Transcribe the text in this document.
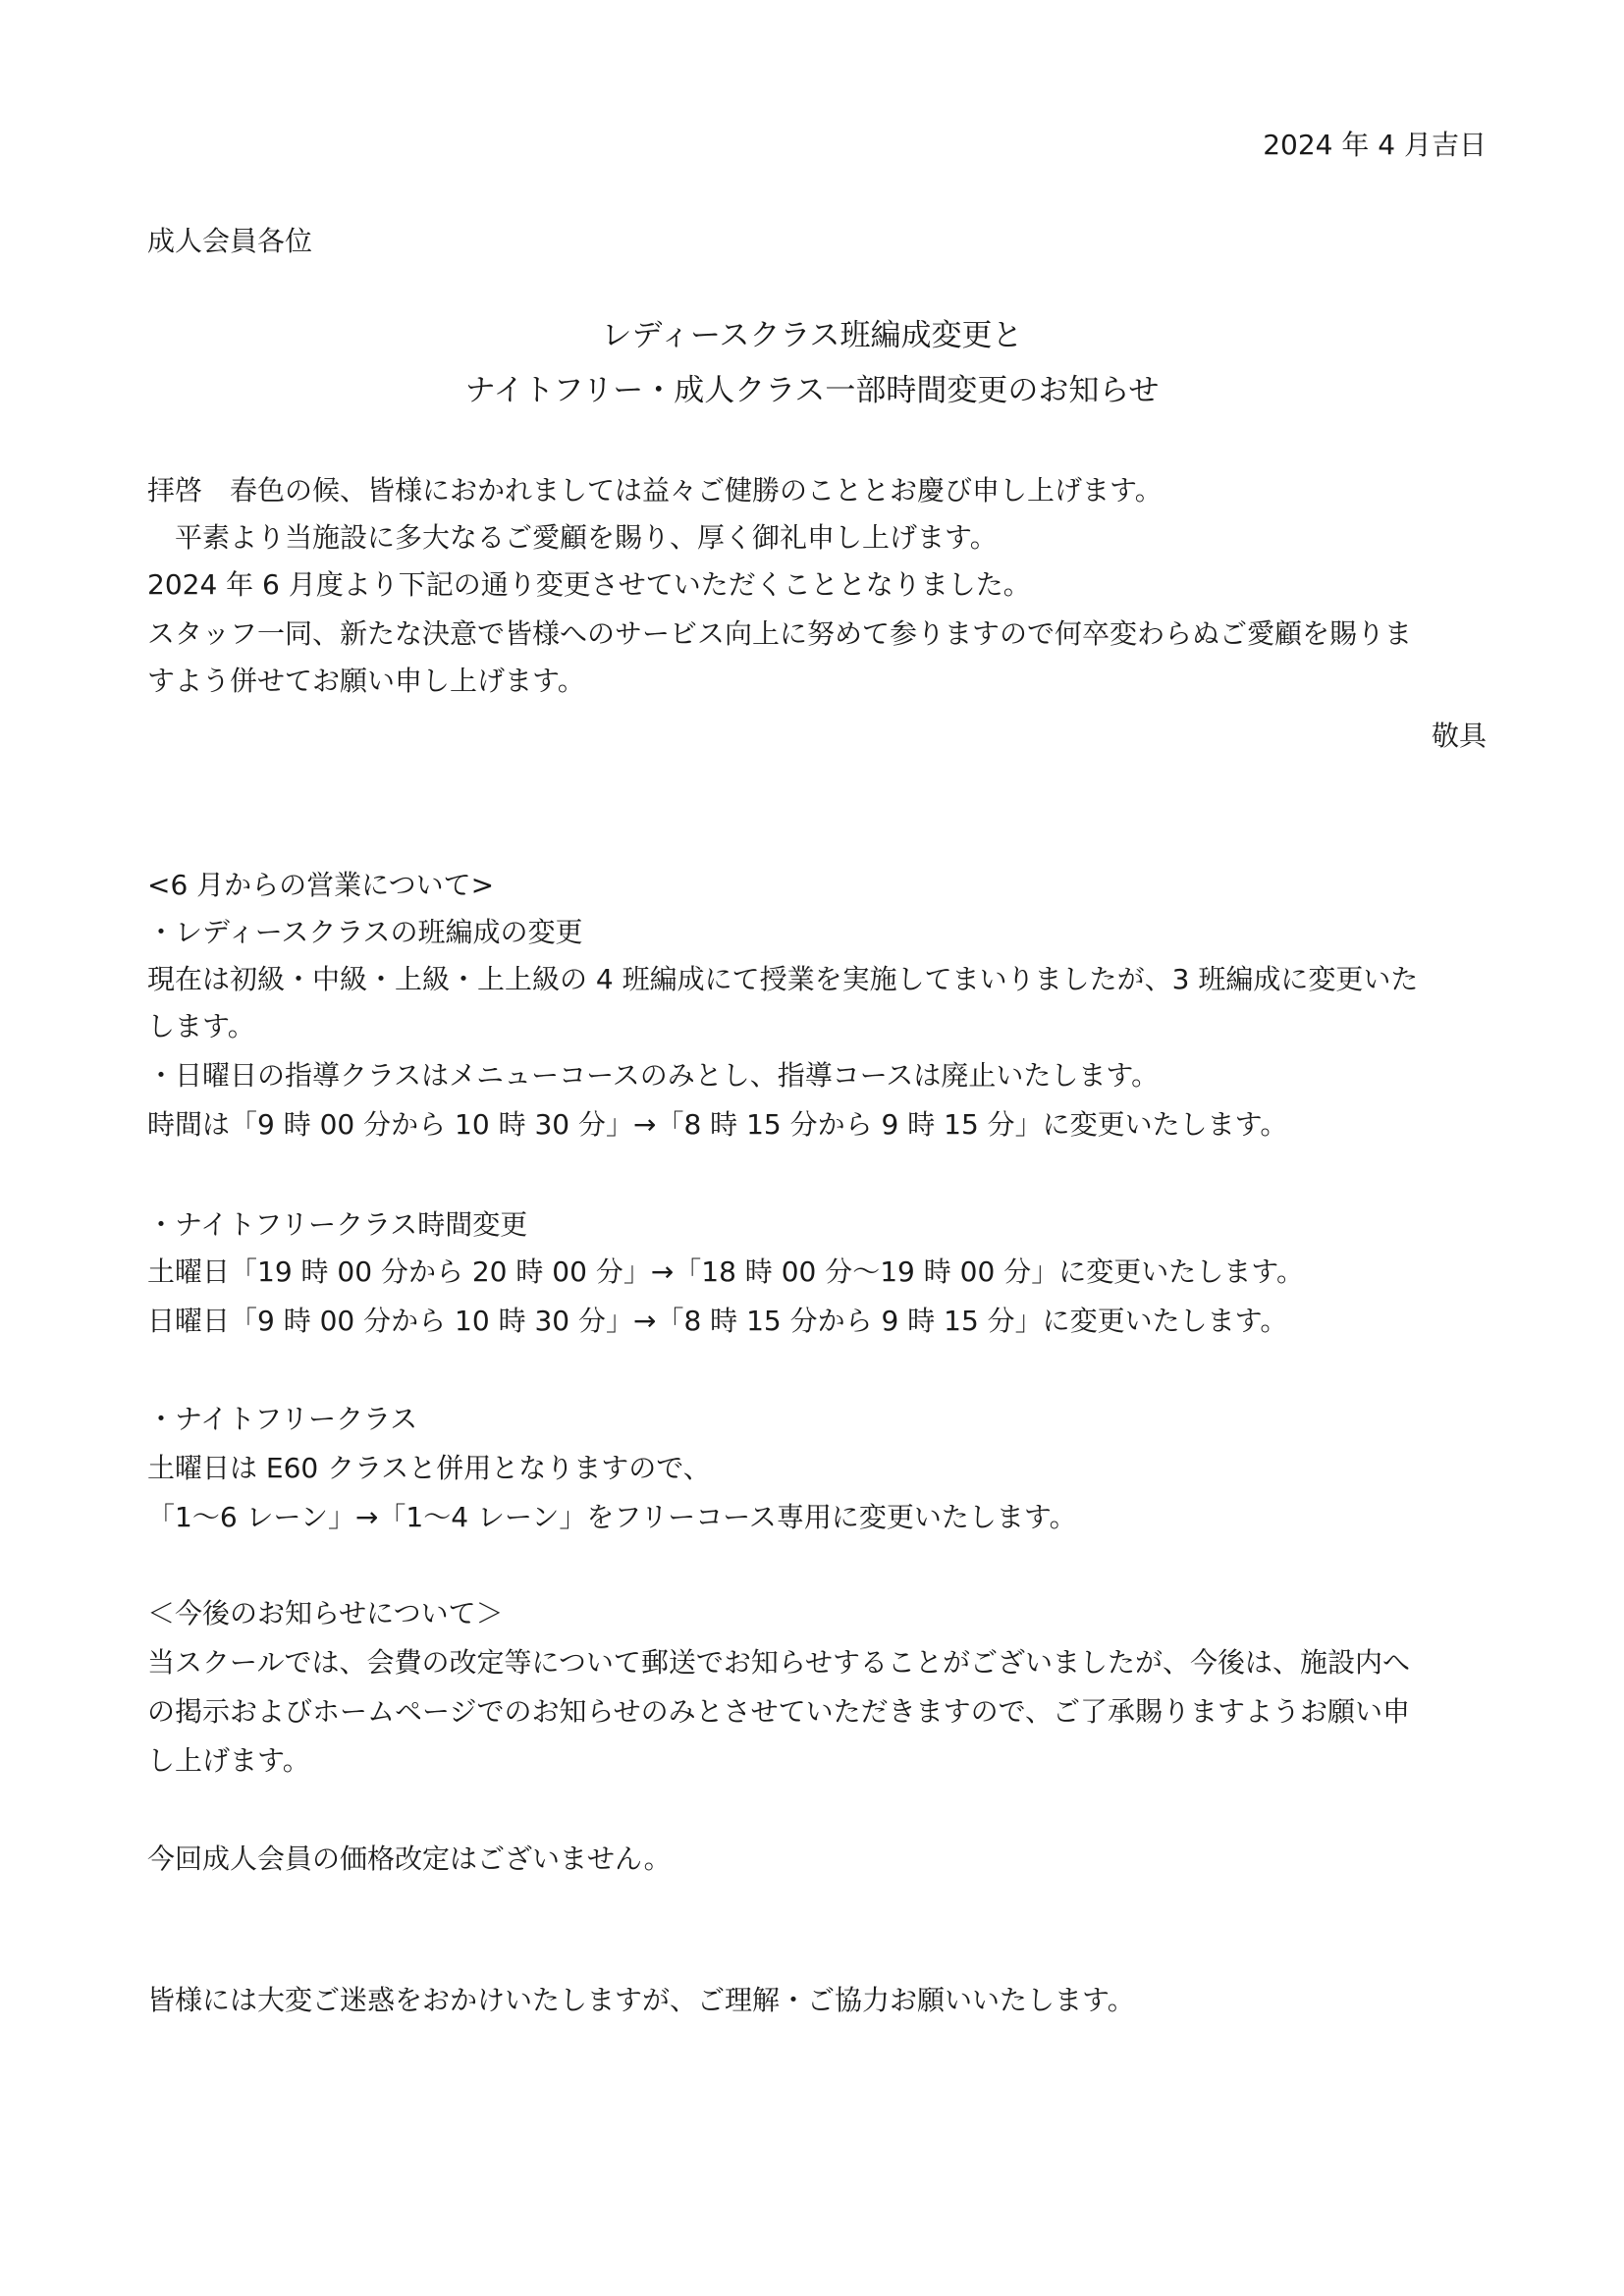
2024 年 4 月吉日
成人会員各位
レディースクラス班編成変更と
ナイトフリー・成人クラス一部時間変更のお知らせ
拝啓　春色の候、皆様におかれましては益々ご健勝のこととお慶び申し上げます。
平素より当施設に多大なるご愛顧を賜り、厚く御礼申し上げます。
2024 年 6 月度より下記の通り変更させていただくこととなりました。
スタッフ一同、新たな決意で皆様へのサービス向上に努めて参りますので何卒変わらぬご愛顧を賜りま
すよう併せてお願い申し上げます。
敬具
<6 月からの営業について>
・レディースクラスの班編成の変更
現在は初級・中級・上級・上上級の 4 班編成にて授業を実施してまいりましたが、3 班編成に変更いた
します。
・日曜日の指導クラスはメニューコースのみとし、指導コースは廃止いたします。
時間は「9 時 00 分から 10 時 30 分」→「8 時 15 分から 9 時 15 分」に変更いたします。
・ナイトフリークラス時間変更
土曜日「19 時 00 分から 20 時 00 分」→「18 時 00 分～19 時 00 分」に変更いたします。
日曜日「9 時 00 分から 10 時 30 分」→「8 時 15 分から 9 時 15 分」に変更いたします。
・ナイトフリークラス
土曜日は E60 クラスと併用となりますので、
「1～6 レーン」→「1～4 レーン」をフリーコース専用に変更いたします。
＜今後のお知らせについて＞
当スクールでは、会費の改定等について郵送でお知らせすることがございましたが、今後は、施設内へ
の掲示およびホームページでのお知らせのみとさせていただきますので、ご了承賜りますようお願い申
し上げます。
今回成人会員の価格改定はございません。
皆様には大変ご迷惑をおかけいたしますが、ご理解・ご協力お願いいたします。
